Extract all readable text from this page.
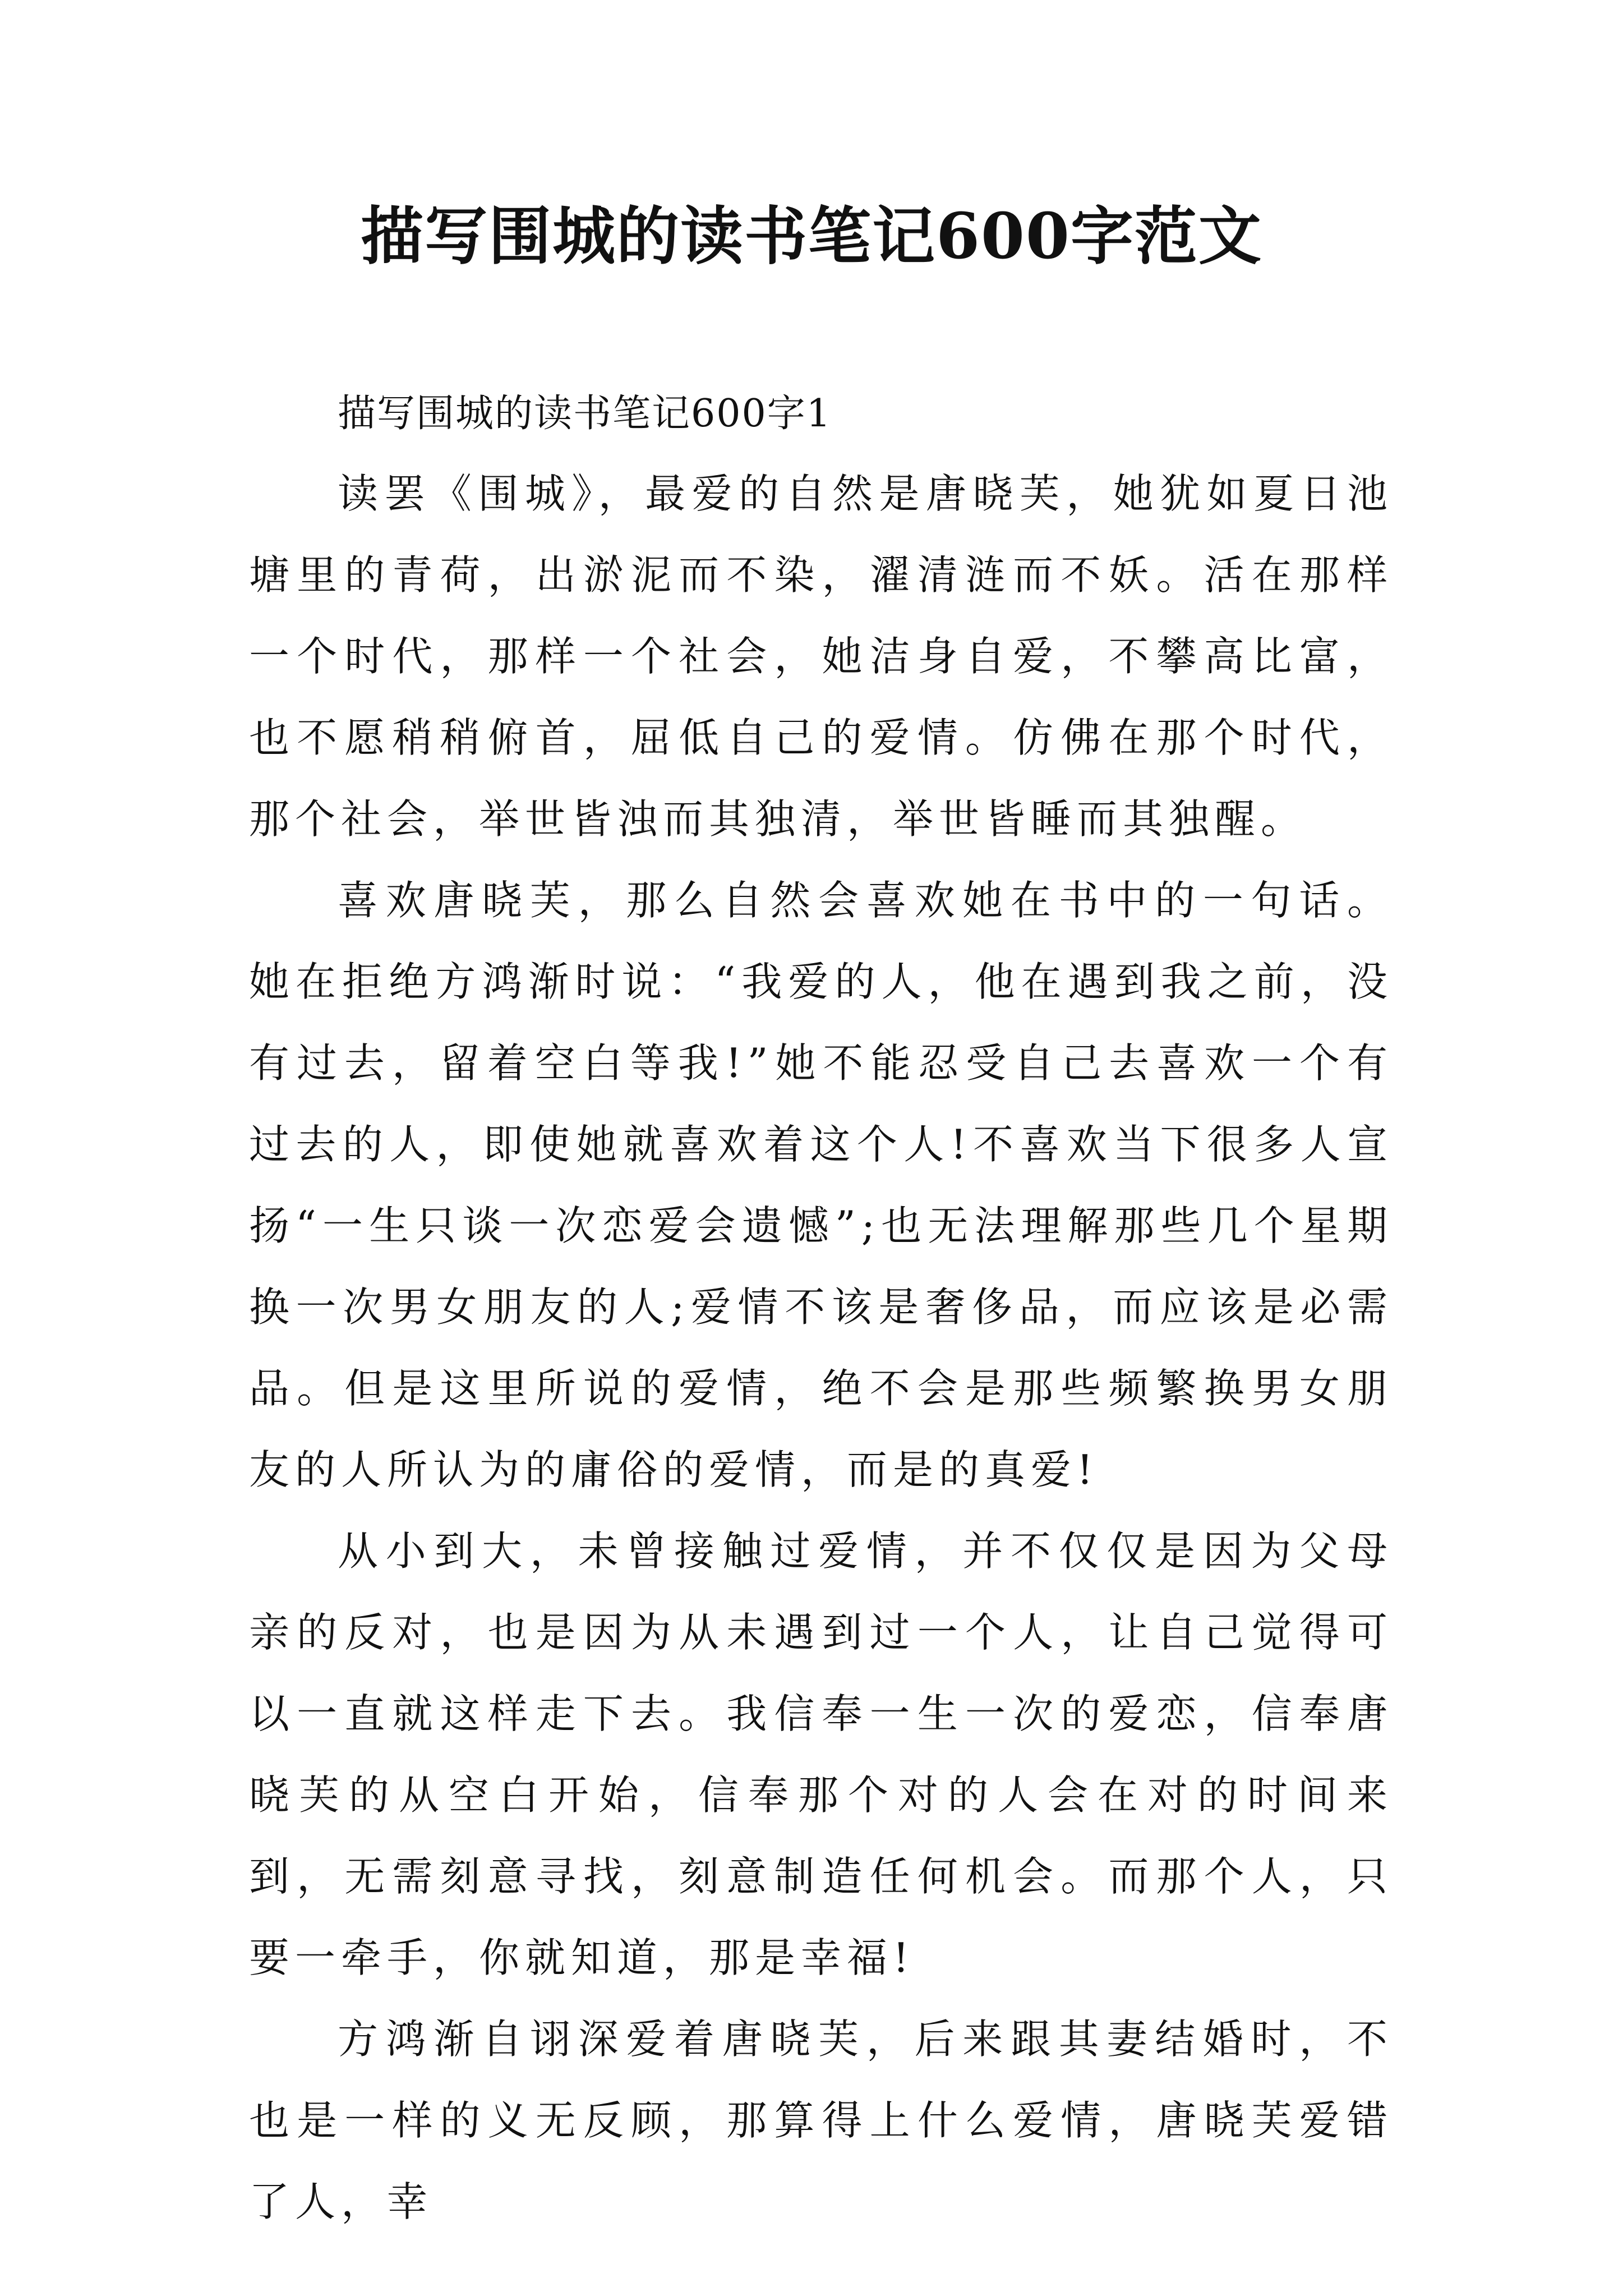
描写围城的读书笔记600字范文

描写围城的读书笔记600字1

读罢《围城》，最爱的自然是唐晓芙，她犹如夏日池塘里的青荷，出淤泥而不染，濯清涟而不妖。活在那样一个时代，那样一个社会，她洁身自爱，不攀高比富，也不愿稍稍俯首，屈低自己的爱情。仿佛在那个时代，那个社会，举世皆浊而其独清，举世皆睡而其独醒。

喜欢唐晓芙，那么自然会喜欢她在书中的一句话。她在拒绝方鸿渐时说：“我爱的人，他在遇到我之前，没有过去，留着空白等我!”她不能忍受自己去喜欢一个有过去的人，即使她就喜欢着这个人!不喜欢当下很多人宣扬“一生只谈一次恋爱会遗憾”;也无法理解那些几个星期换一次男女朋友的人;爱情不该是奢侈品，而应该是必需品。但是这里所说的爱情，绝不会是那些频繁换男女朋友的人所认为的庸俗的爱情，而是的真爱!

从小到大，未曾接触过爱情，并不仅仅是因为父母亲的反对，也是因为从未遇到过一个人，让自己觉得可以一直就这样走下去。我信奉一生一次的爱恋，信奉唐晓芙的从空白开始，信奉那个对的人会在对的时间来到，无需刻意寻找，刻意制造任何机会。而那个人，只要一牵手，你就知道，那是幸福!

方鸿渐自诩深爱着唐晓芙，后来跟其妻结婚时，不也是一样的义无反顾，那算得上什么爱情，唐晓芙爱错了人，幸
